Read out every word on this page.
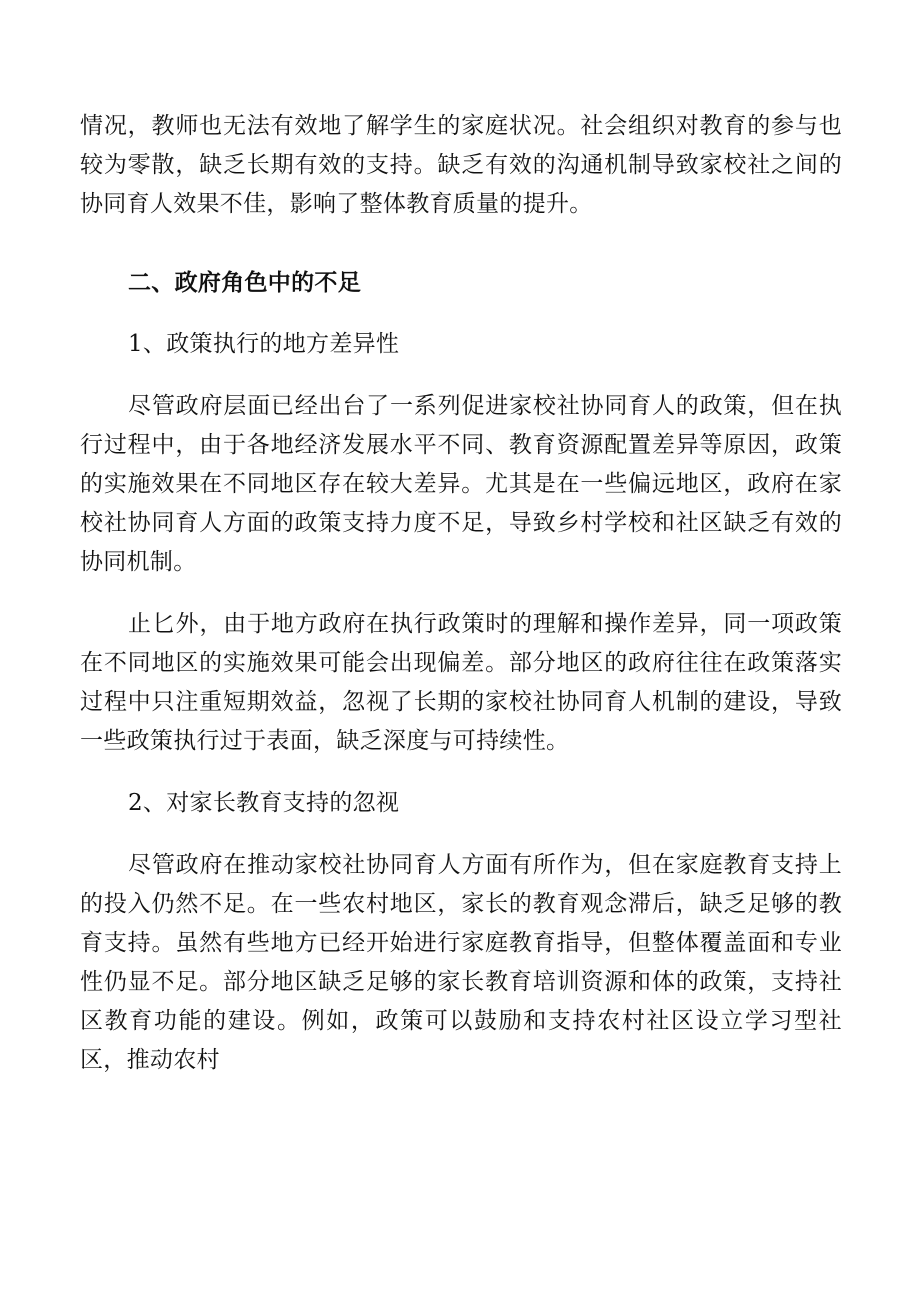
情况，教师也无法有效地了解学生的家庭状况。社会组织对教育的参与也较为零散，缺乏长期有效的支持。缺乏有效的沟通机制导致家校社之间的协同育人效果不佳，影响了整体教育质量的提升。

二、政府角色中的不足

1、政策执行的地方差异性

尽管政府层面已经出台了一系列促进家校社协同育人的政策，但在执行过程中，由于各地经济发展水平不同、教育资源配置差异等原因，政策的实施效果在不同地区存在较大差异。尤其是在一些偏远地区，政府在家校社协同育人方面的政策支持力度不足，导致乡村学校和社区缺乏有效的协同机制。

止匕外，由于地方政府在执行政策时的理解和操作差异，同一项政策在不同地区的实施效果可能会出现偏差。部分地区的政府往往在政策落实过程中只注重短期效益，忽视了长期的家校社协同育人机制的建设，导致一些政策执行过于表面，缺乏深度与可持续性。

2、对家长教育支持的忽视

尽管政府在推动家校社协同育人方面有所作为，但在家庭教育支持上的投入仍然不足。在一些农村地区，家长的教育观念滞后，缺乏足够的教育支持。虽然有些地方已经开始进行家庭教育指导，但整体覆盖面和专业性仍显不足。部分地区缺乏足够的家长教育培训资源和体的政策，支持社区教育功能的建设。例如，政策可以鼓励和支持农村社区设立学习型社区，推动农村
